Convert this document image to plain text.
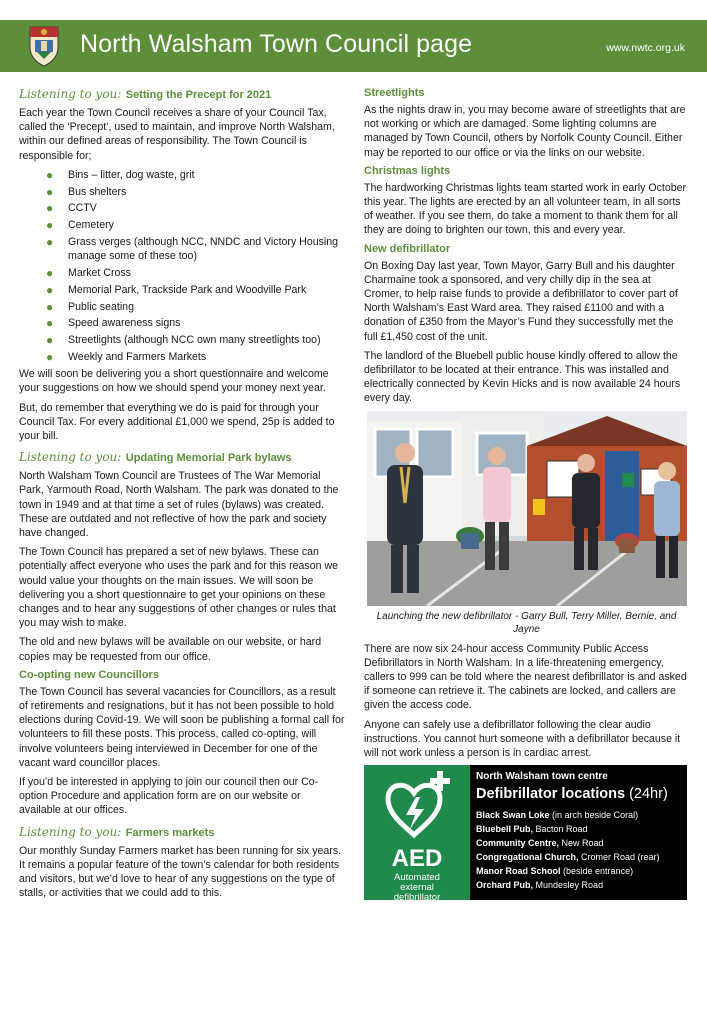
North Walsham Town Council page	www.nwtc.org.uk
Listening to you: Setting the Precept for 2021

Each year the Town Council receives a share of your Council Tax, called the ‘Precept’, used to maintain, and improve North Walsham, within our defined areas of responsibility. The Town Council is responsible for;

● Bins – litter, dog waste, grit
● Bus shelters
● CCTV
● Cemetery
● Grass verges (although NCC, NNDC and Victory Housing manage some of these too)
● Market Cross
● Memorial Park, Trackside Park and Woodville Park
● Public seating
● Speed awareness signs
● Streetlights (although NCC own many streetlights too)
● Weekly and Farmers Markets

We will soon be delivering you a short questionnaire and welcome your suggestions on how we should spend your money next year.

But, do remember that everything we do is paid for through your Council Tax. For every additional £1,000 we spend, 25p is added to your bill.

Listening to you: Updating Memorial Park bylaws

North Walsham Town Council are Trustees of The War Memorial Park, Yarmouth Road, North Walsham. The park was donated to the town in 1949 and at that time a set of rules (bylaws) was created. These are outdated and not reflective of how the park and society have changed.

The Town Council has prepared a set of new bylaws. These can potentially affect everyone who uses the park and for this reason we would value your thoughts on the main issues. We will soon be delivering you a short questionnaire to get your opinions on these changes and to hear any suggestions of other changes or rules that you may wish to make.

The old and new bylaws will be available on our website, or hard copies may be requested from our office.

Co-opting new Councillors

The Town Council has several vacancies for Councillors, as a result of retirements and resignations, but it has not been possible to hold elections during Covid-19. We will soon be publishing a formal call for volunteers to fill these posts. This process, called co-opting, will involve volunteers being interviewed in December for one of the vacant ward councillor places.

If you’d be interested in applying to join our council then our Co-option Procedure and application form are on our website or available at our offices.

Listening to you: Farmers markets

Our monthly Sunday Farmers market has been running for six years. It remains a popular feature of the town’s calendar for both residents and visitors, but we’d love to hear of any suggestions on the type of stalls, or activities that we could add to this.

Streetlights

As the nights draw in, you may become aware of streetlights that are not working or which are damaged. Some lighting columns are managed by Town Council, others by Norfolk County Council. Either may be reported to our office or via the links on our website.

Christmas lights

The hardworking Christmas lights team started work in early October this year. The lights are erected by an all volunteer team, in all sorts of weather. If you see them, do take a moment to thank them for all they are doing to brighten our town, this and every year.

New defibrillator

On Boxing Day last year, Town Mayor, Garry Bull and his daughter Charmaine took a sponsored, and very chilly dip in the sea at Cromer, to help raise funds to provide a defibrillator to cover part of North Walsham’s East Ward area. They raised £1100 and with a donation of £350 from the Mayor’s Fund they successfully met the full £1,450 cost of the unit.

The landlord of the Bluebell public house kindly offered to allow the defibrillator to be located at their entrance. This was installed and electrically connected by Kevin Hicks and is now available 24 hours every day.

Launching the new defibrillator - Garry Bull, Terry Miller, Bernie, and Jayne

There are now six 24-hour access Community Public Access Defibrillators in North Walsham. In a life-threatening emergency, callers to 999 can be told where the nearest defibrillator is and asked if someone can retrieve it. The cabinets are locked, and callers are given the access code.

Anyone can safely use a defibrillator following the clear audio instructions. You cannot hurt someone with a defibrillator because it will not work unless a person is in cardiac arrest.

AED
Automated
external
defibrillator
North Walsham town centre
Defibrillator locations (24hr)
Black Swan Loke (in arch beside Coral)
Bluebell Pub, Bacton Road
Community Centre, New Road
Congregational Church, Cromer Road (rear)
Manor Road School (beside entrance)
Orchard Pub, Mundesley Road
